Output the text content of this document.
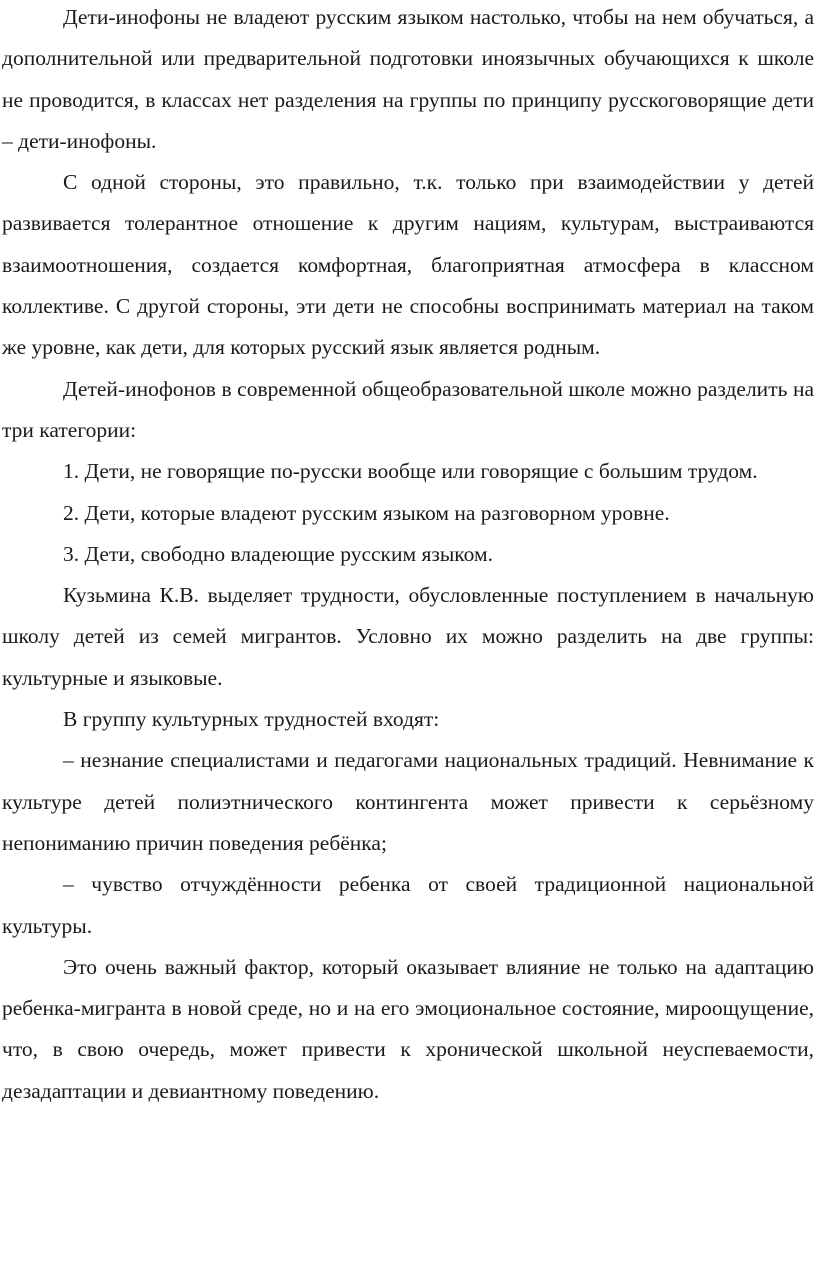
Дети-инофоны не владеют русским языком настолько, чтобы на нем обучаться, а дополнительной или предварительной подготовки иноязычных обучающихся к школе не проводится, в классах нет разделения на группы по принципу русскоговорящие дети – дети-инофоны.

С одной стороны, это правильно, т.к. только при взаимодействии у детей развивается толерантное отношение к другим нациям, культурам, выстраиваются взаимоотношения, создается комфортная, благоприятная атмосфера в классном коллективе. С другой стороны, эти дети не способны воспринимать материал на таком же уровне, как дети, для которых русский язык является родным.

Детей-инофонов в современной общеобразовательной школе можно разделить на три категории:

1. Дети, не говорящие по-русски вообще или говорящие с большим трудом.

2. Дети, которые владеют русским языком на разговорном уровне.

3. Дети, свободно владеющие русским языком.

Кузьмина К.В. выделяет трудности, обусловленные поступлением в начальную школу детей из семей мигрантов. Условно их можно разделить на две группы: культурные и языковые.

В группу культурных трудностей входят:

– незнание специалистами и педагогами национальных традиций. Невнимание к культуре детей полиэтнического контингента может привести к серьёзному непониманию причин поведения ребёнка;

– чувство отчуждённости ребенка от своей традиционной национальной культуры.

Это очень важный фактор, который оказывает влияние не только на адаптацию ребенка-мигранта в новой среде, но и на его эмоциональное состояние, мироощущение, что, в свою очередь, может привести к хронической школьной неуспеваемости, дезадаптации и девиантному поведению.
